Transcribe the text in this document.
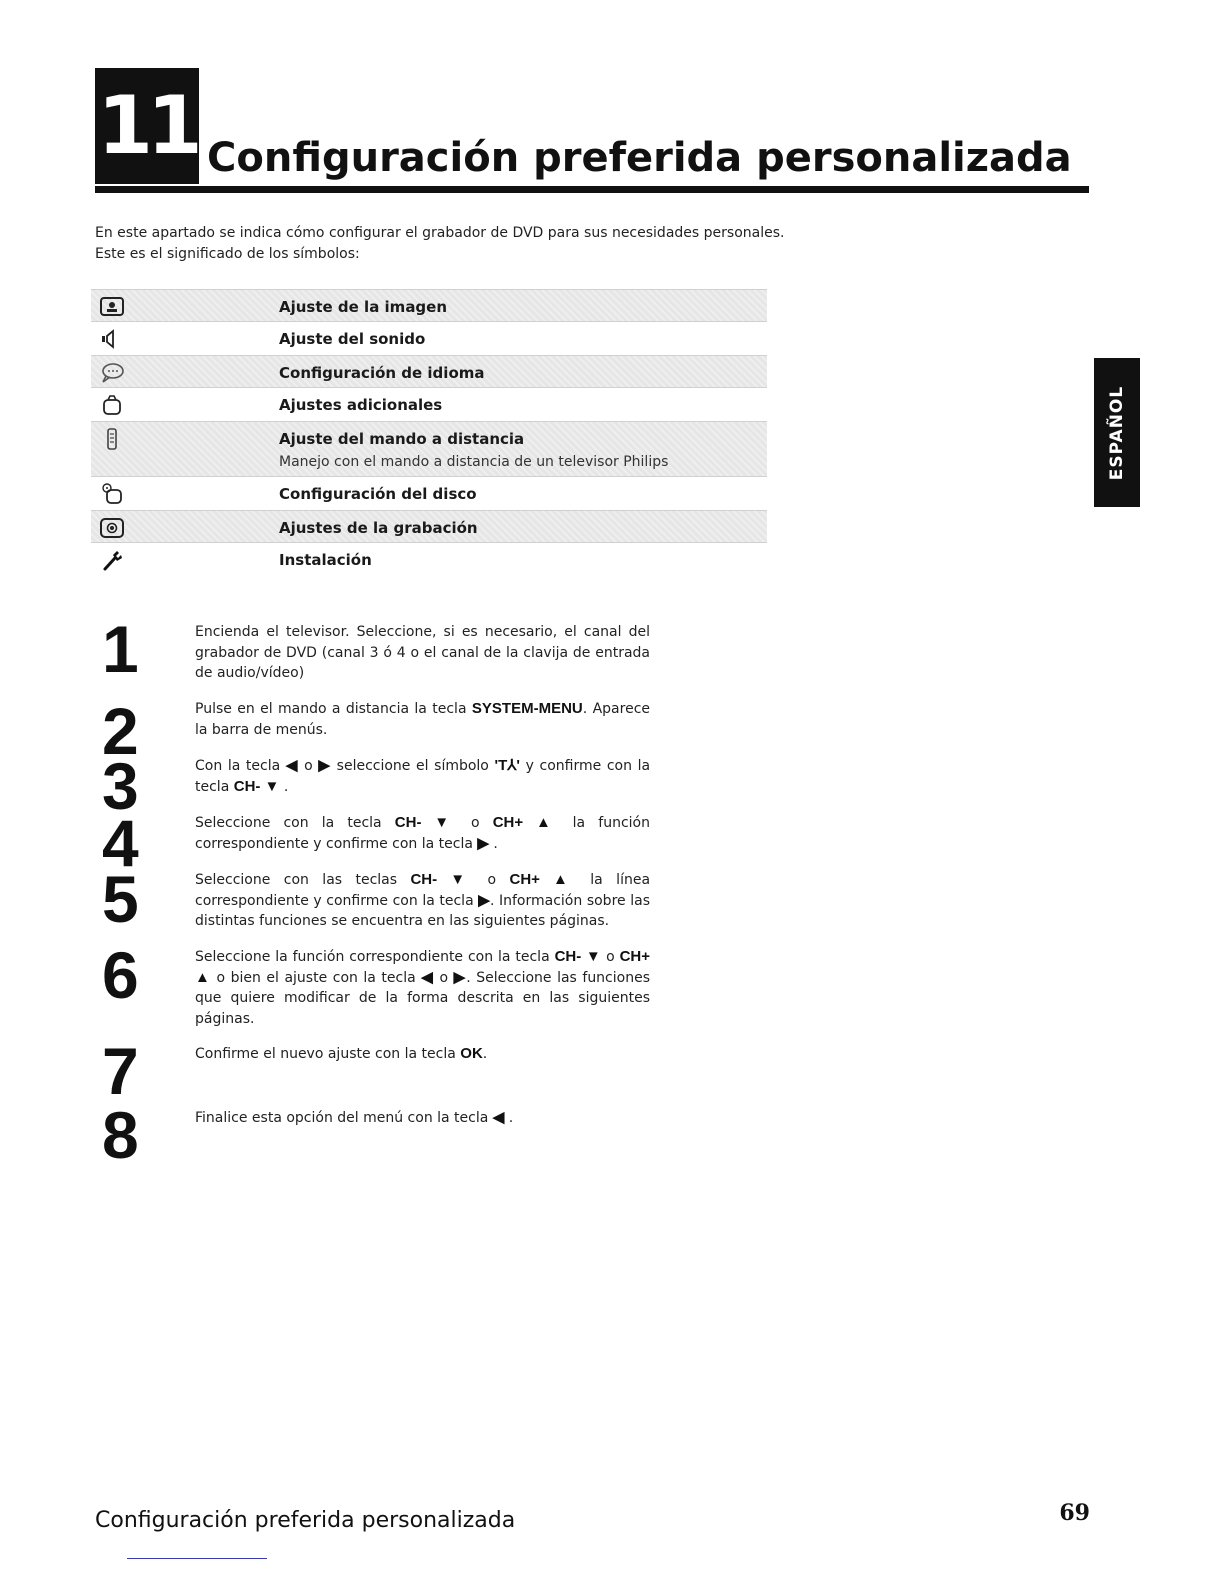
11 Configuración preferida personalizada

En este apartado se indica cómo configurar el grabador de DVD para sus necesidades personales.

Este es el significado de los símbolos:

ESPAÑOL
Ajuste de la imagen
Ajuste del sonido
Configuración de idioma
Ajustes adicionales
Ajuste del mando a distancia
Manejo con el mando a distancia de un televisor Philips
Configuración del disco
Ajustes de la grabación
Instalación
1	Encienda el televisor. Seleccione, si es necesario, el canal del grabador de DVD (canal 3 ó 4 o el canal de la clavija de entrada de audio/vídeo)

2	Pulse en el mando a distancia la tecla SYSTEM-MENU. Aparece la barra de menús.

3	Con la tecla ◀ o ▶ seleccione el símbolo 'T⅄' y confirme con la tecla CH- ▼ .

4	Seleccione con la tecla CH- ▼ o CH+ ▲ la función correspondiente y confirme con la tecla ▶ .

5	Seleccione con las teclas CH- ▼ o CH+ ▲ la línea correspondiente y confirme con la tecla ▶. Información sobre las distintas funciones se encuentra en las siguientes páginas.

6	Seleccione la función correspondiente con la tecla CH- ▼ o CH+ ▲ o bien el ajuste con la tecla ◀ o ▶. Seleccione las funciones que quiere modificar de la forma descrita en las siguientes páginas.

7	Confirme el nuevo ajuste con la tecla OK.

8	Finalice esta opción del menú con la tecla ◀ .

Configuración preferida personalizada	69
